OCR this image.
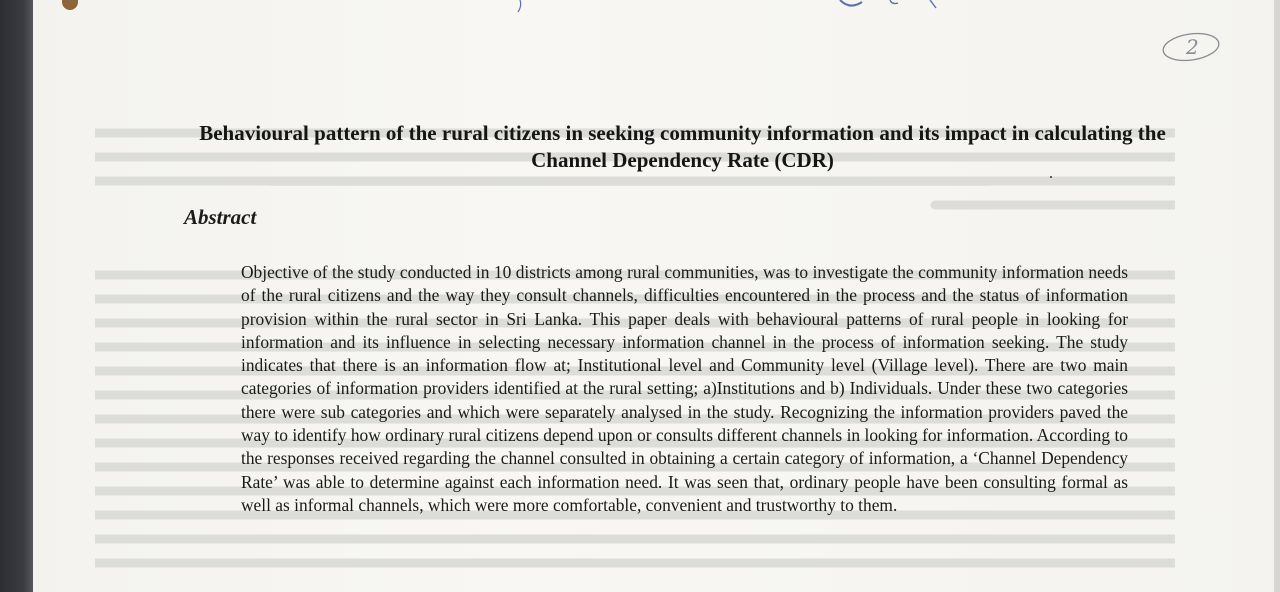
2
Behavioural pattern of the rural citizens in seeking community information and its impact in calculating the Channel Dependency Rate (CDR)
Abstract

Objective of the study conducted in 10 districts among rural communities, was to investigate the community information needs of the rural citizens and the way they consult channels, difficulties encountered in the process and the status of information provision within the rural sector in Sri Lanka. This paper deals with behavioural patterns of rural people in looking for information and its influence in selecting necessary information channel in the process of information seeking. The study indicates that there is an information flow at; Institutional level and Community level (Village level). There are two main categories of information providers identified at the rural setting; a)Institutions and b) Individuals. Under these two categories there were sub categories and which were separately analysed in the study. Recognizing the information providers paved the way to identify how ordinary rural citizens depend upon or consults different channels in looking for information. According to the responses received regarding the channel consulted in obtaining a certain category of information, a ‘Channel Dependency Rate’ was able to determine against each information need. It was seen that, ordinary people have been consulting formal as well as informal channels, which were more comfortable, convenient and trustworthy to them.
